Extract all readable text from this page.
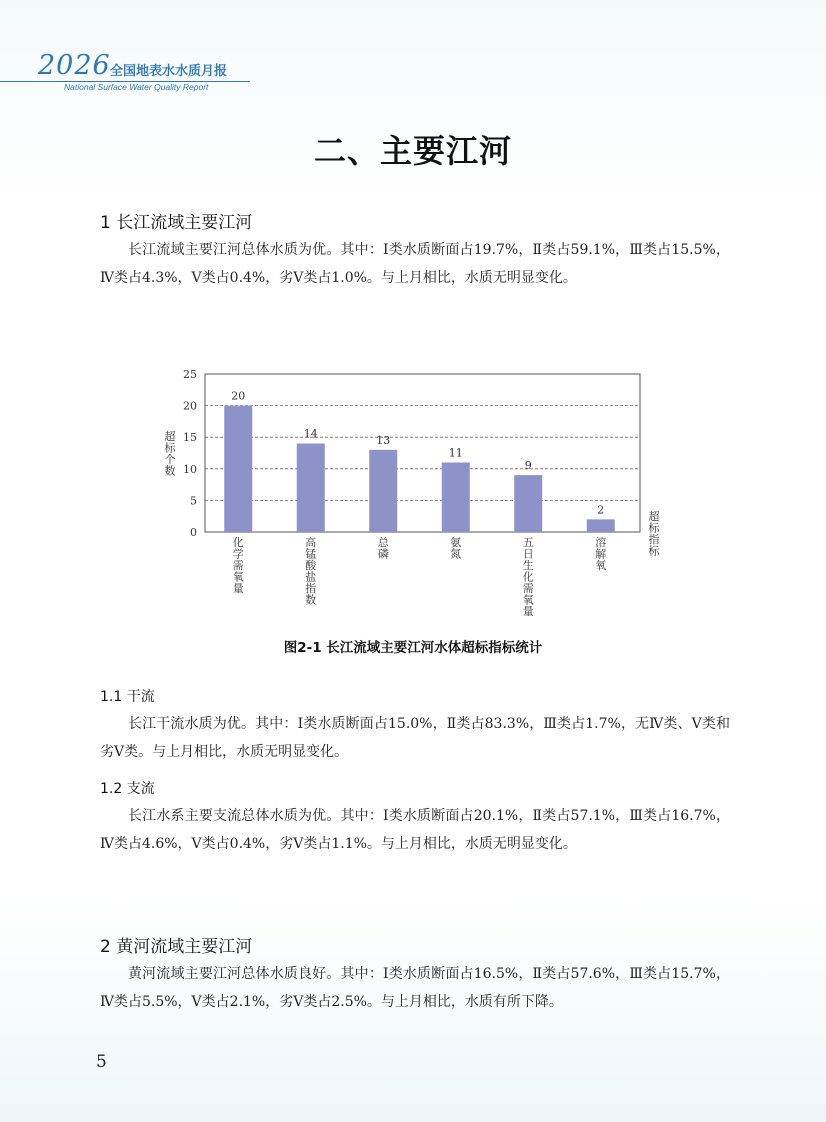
2026 全国地表水水质月报
National Surface Water Quality Report
二、主要江河
1 长江流域主要江河
长江流域主要江河总体水质为优。其中：Ⅰ类水质断面占19.7%，Ⅱ类占59.1%，Ⅲ类占15.5%，Ⅳ类占4.3%，Ⅴ类占0.4%，劣Ⅴ类占1.0%。与上月相比，水质无明显变化。
0
5
10
15
20
25
20
化
学
需
氧
量
14
高
锰
酸
盐
指
数
13
总
磷
11
氨
氮
9
五
日
生
化
需
氧
量
2
溶
解
氧
超
标
个
数
超
标
指
标
图2-1 长江流域主要江河水体超标指标统计
1.1 干流
长江干流水质为优。其中：Ⅰ类水质断面占15.0%，Ⅱ类占83.3%，Ⅲ类占1.7%，无Ⅳ类、Ⅴ类和劣Ⅴ类。与上月相比，水质无明显变化。
1.2 支流
长江水系主要支流总体水质为优。其中：Ⅰ类水质断面占20.1%，Ⅱ类占57.1%，Ⅲ类占16.7%，Ⅳ类占4.6%，Ⅴ类占0.4%，劣Ⅴ类占1.1%。与上月相比，水质无明显变化。
2 黄河流域主要江河
黄河流域主要江河总体水质良好。其中：Ⅰ类水质断面占16.5%，Ⅱ类占57.6%，Ⅲ类占15.7%，Ⅳ类占5.5%，Ⅴ类占2.1%，劣Ⅴ类占2.5%。与上月相比，水质有所下降。
5
